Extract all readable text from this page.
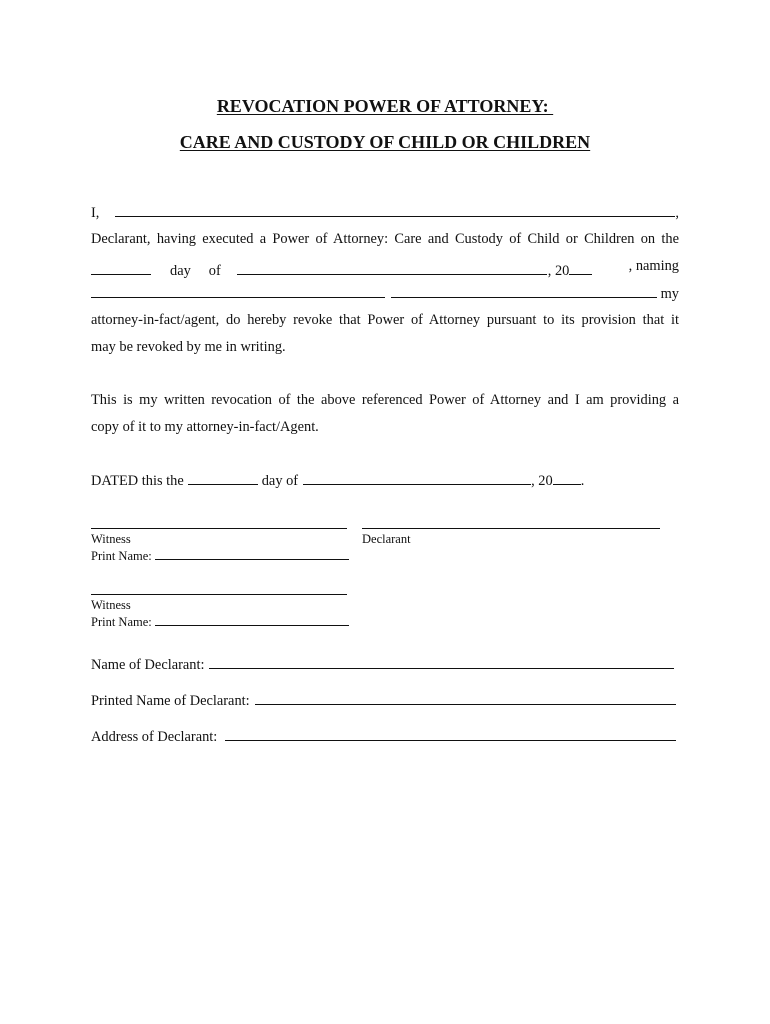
REVOCATION POWER OF ATTORNEY:
CARE AND CUSTODY OF CHILD OR CHILDREN
I,	,
Declarant, having executed a Power of Attorney: Care and Custody of Child or Children on the
day of	, 20	, naming
my
attorney-in-fact/agent, do hereby revoke that Power of Attorney pursuant to its provision that it
may be revoked by me in writing.
This is my written revocation of the above referenced Power of Attorney and I am providing a
copy of it to my attorney-in-fact/Agent.
DATED this the	day of	, 20 .
Witness	Declarant
Print Name:
Witness
Print Name:
Name of Declarant:
Printed Name of Declarant:
Address of Declarant:
